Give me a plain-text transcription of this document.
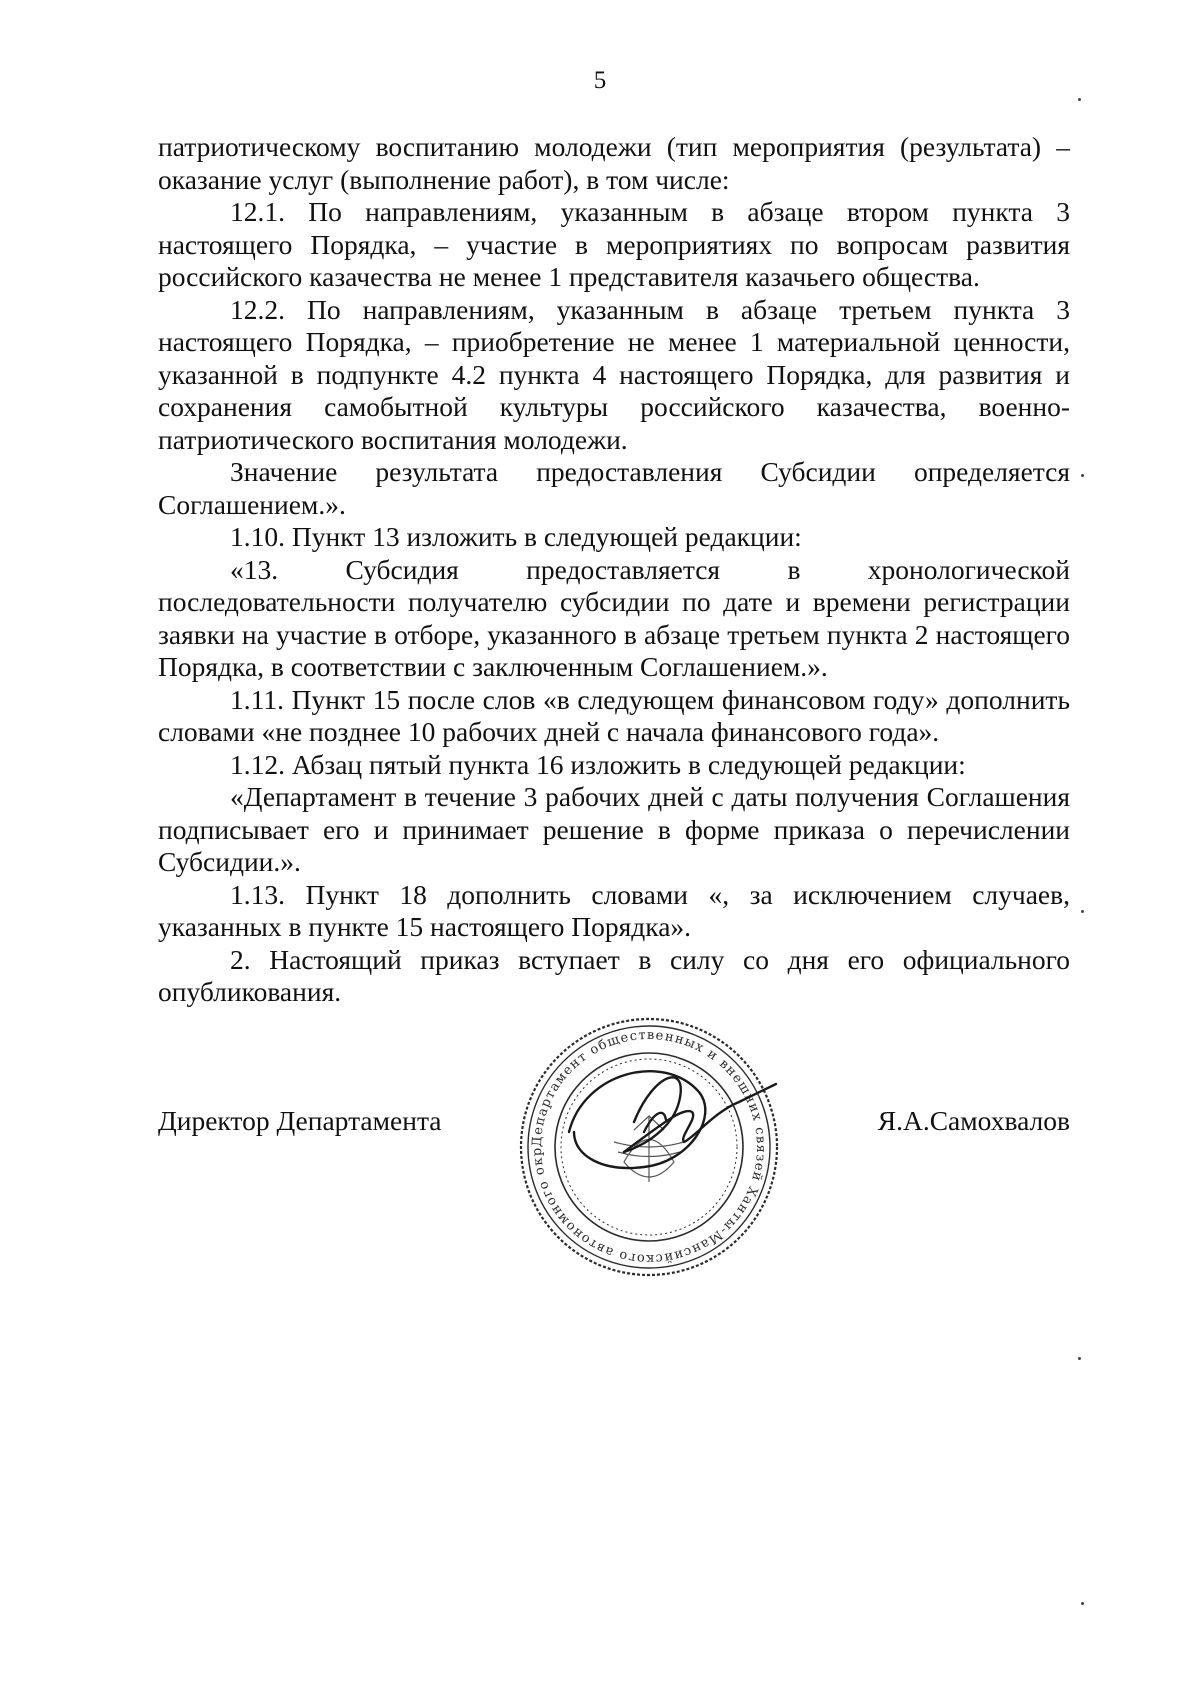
5

патриотическому воспитанию молодежи (тип мероприятия (результата) – оказание услуг (выполнение работ), в том числе:

12.1. По направлениям, указанным в абзаце втором пункта 3 настоящего Порядка, – участие в мероприятиях по вопросам развития российского казачества не менее 1 представителя казачьего общества.

12.2. По направлениям, указанным в абзаце третьем пункта 3 настоящего Порядка, – приобретение не менее 1 материальной ценности, указанной в подпункте 4.2 пункта 4 настоящего Порядка, для развития и сохранения самобытной культуры российского казачества, военно-патриотического воспитания молодежи.

Значение результата предоставления Субсидии определяется Соглашением.».

1.10. Пункт 13 изложить в следующей редакции:

«13. Субсидия предоставляется в хронологической последовательности получателю субсидии по дате и времени регистрации заявки на участие в отборе, указанного в абзаце третьем пункта 2 настоящего Порядка, в соответствии с заключенным Соглашением.».

1.11. Пункт 15 после слов «в следующем финансовом году» дополнить словами «не позднее 10 рабочих дней с начала финансового года».

1.12. Абзац пятый пункта 16 изложить в следующей редакции:

«Департамент в течение 3 рабочих дней с даты получения Соглашения подписывает его и принимает решение в форме приказа о перечислении Субсидии.».

1.13. Пункт 18 дополнить словами «, за исключением случаев, указанных в пункте 15 настоящего Порядка».

2. Настоящий приказ вступает в силу со дня его официального опубликования.

Директор Департамента	Я.А.Самохвалов
Департамент общественных и внешних связей Ханты-Мансийского автономного окр
